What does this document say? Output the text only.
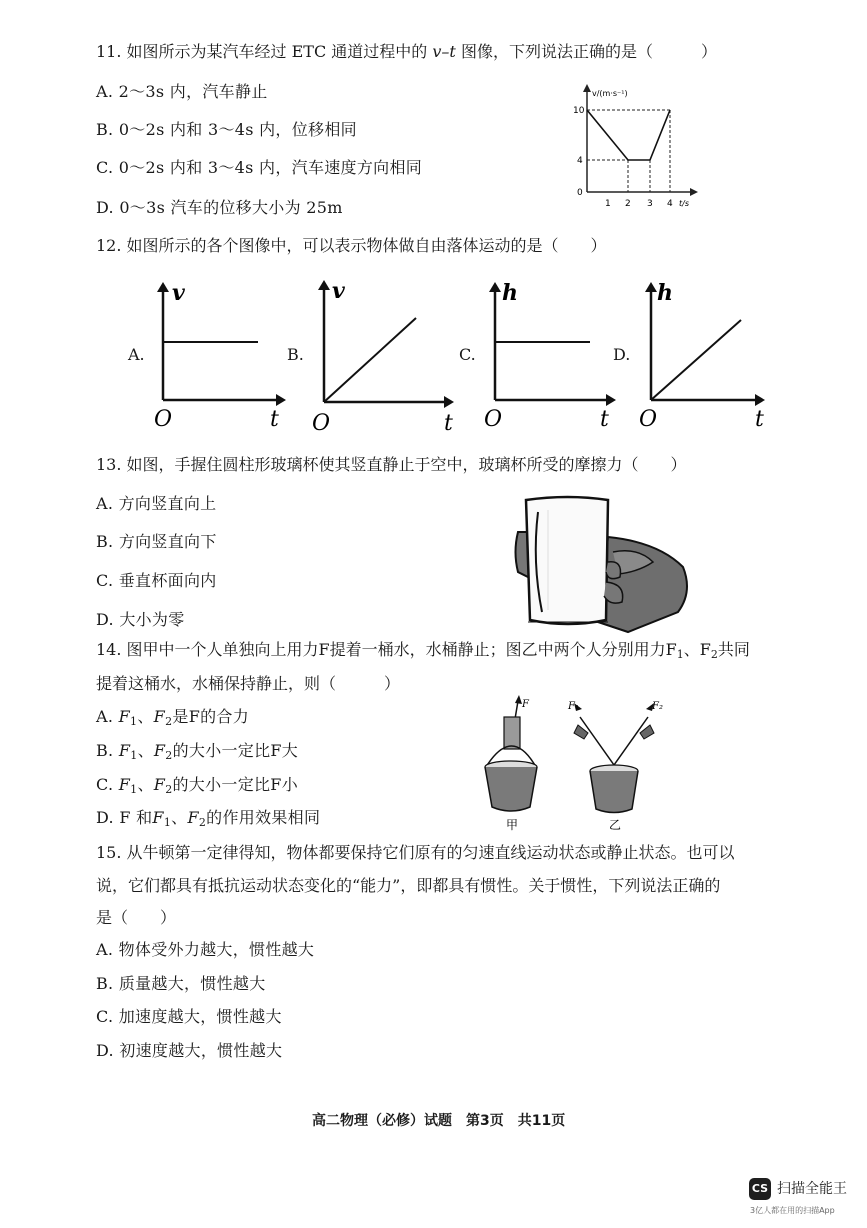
11. 如图所示为某汽车经过 ETC 通道过程中的 v–t 图像，下列说法正确的是（　　　）
A. 2～3s 内，汽车静止
B. 0～2s 内和 3～4s 内，位移相同
C. 0～2s 内和 3～4s 内，汽车速度方向相同
D. 0～3s 汽车的位移大小为 25m
v/(m·s⁻¹)
10
4
0
1 2 3 4 t/s
12. 如图所示的各个图像中，可以表示物体做自由落体运动的是（　　）
A.
v
O	t
B.
v
O	t
C.
h
O	t
D.
h
O	t
13. 如图，手握住圆柱形玻璃杯使其竖直静止于空中，玻璃杯所受的摩擦力（　　）
A. 方向竖直向上
B. 方向竖直向下
C. 垂直杯面向内
D. 大小为零
14. 图甲中一个人单独向上用力F提着一桶水，水桶静止；图乙中两个人分别用力$F_1$、$F_2$共同
提着这桶水，水桶保持静止，则（　　　）
A. $F_1$、$F_2$是F的合力
B. $F_1$、$F_2$的大小一定比F大
C. $F_1$、$F_2$的大小一定比F小
D. F 和$F_1$、$F_2$的作用效果相同
F
甲
F₁	F₂
乙
15. 从牛顿第一定律得知，物体都要保持它们原有的匀速直线运动状态或静止状态。也可以
说，它们都具有抵抗运动状态变化的“能力”，即都具有惯性。关于惯性，下列说法正确的
是（　　）
A. 物体受外力越大，惯性越大
B. 质量越大，惯性越大
C. 加速度越大，惯性越大
D. 初速度越大，惯性越大
高二物理（必修）试题　第3页　共11页
CS 扫描全能王
3亿人都在用的扫描App
